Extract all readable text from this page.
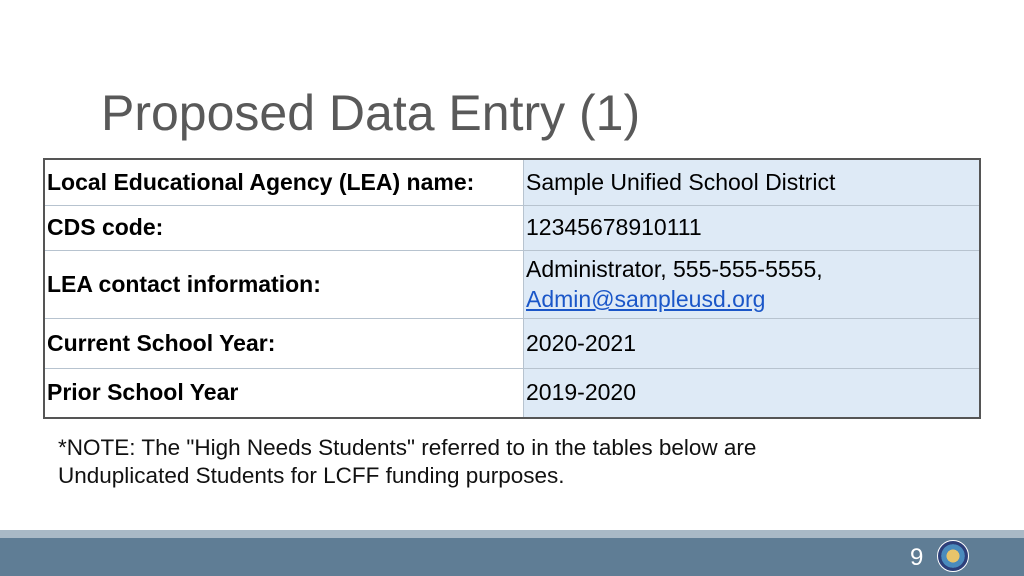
Proposed Data Entry (1)
Local Educational Agency (LEA) name:	Sample Unified School District
CDS code:	12345678910111
LEA contact information:	Administrator, 555-555-5555,
Admin@sampleusd.org
Current School Year:	2020-2021
Prior School Year	2019-2020
*NOTE: The "High Needs Students" referred to in the tables below are
Unduplicated Students for LCFF funding purposes.
9
